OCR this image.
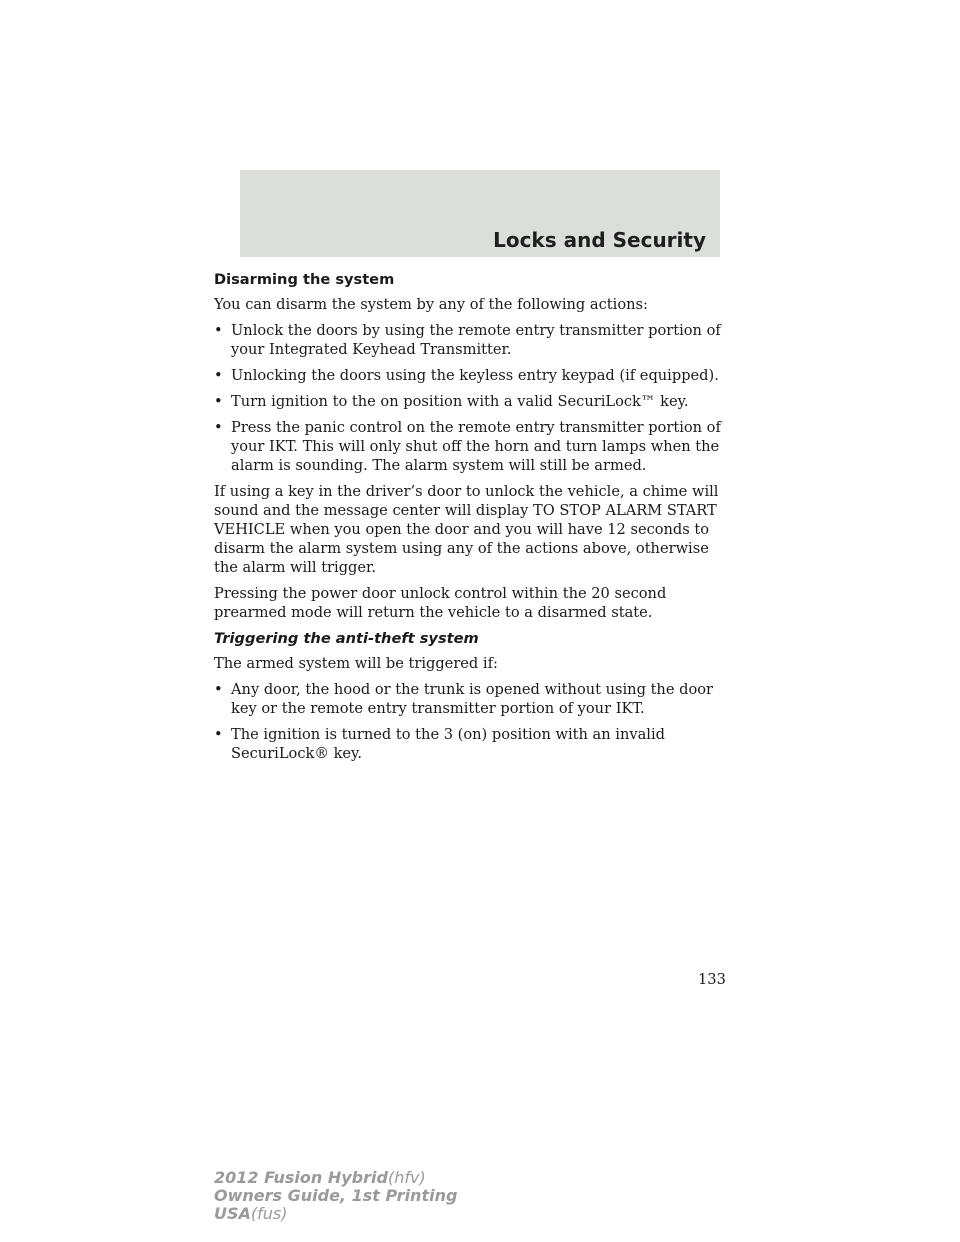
Locks and Security
Disarming the system

You can disarm the system by any of the following actions:

• Unlock the doors by using the remote entry transmitter portion of your Integrated Keyhead Transmitter.
• Unlocking the doors using the keyless entry keypad (if equipped).
• Turn ignition to the on position with a valid SecuriLock™ key.
• Press the panic control on the remote entry transmitter portion of your IKT. This will only shut off the horn and turn lamps when the alarm is sounding. The alarm system will still be armed.

If using a key in the driver’s door to unlock the vehicle, a chime will sound and the message center will display TO STOP ALARM START VEHICLE when you open the door and you will have 12 seconds to disarm the alarm system using any of the actions above, otherwise the alarm will trigger.

Pressing the power door unlock control within the 20 second prearmed mode will return the vehicle to a disarmed state.

Triggering the anti-theft system

The armed system will be triggered if:

• Any door, the hood or the trunk is opened without using the door key or the remote entry transmitter portion of your IKT.
• The ignition is turned to the 3 (on) position with an invalid SecuriLock® key.
133
2012 Fusion Hybrid(hfv)
Owners Guide, 1st Printing
USA(fus)
